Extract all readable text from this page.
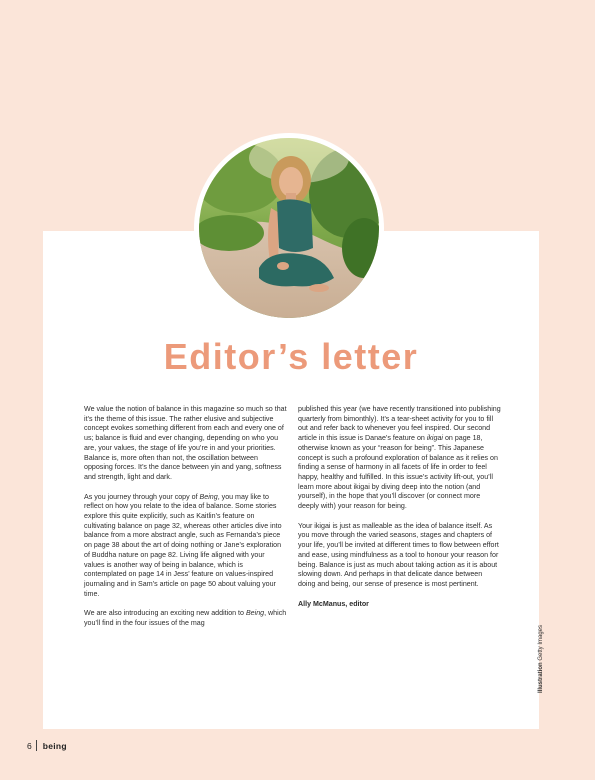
Editor’s letter

We value the notion of balance in this magazine so much so that it’s the theme of this issue. The rather elusive and subjective concept evokes something different from each and every one of us; balance is fluid and ever changing, depending on who you are, your values, the stage of life you’re in and your priorities. Balance is, more often than not, the oscillation between opposing forces. It’s the dance between yin and yang, softness and strength, light and dark.

As you journey through your copy of Being, you may like to reflect on how you relate to the idea of balance. Some stories explore this quite explicitly, such as Kaitlin’s feature on cultivating balance on page 32, whereas other articles dive into balance from a more abstract angle, such as Fernanda’s piece on page 38 about the art of doing nothing or Jane’s exploration of Buddha nature on page 82. Living life aligned with your values is another way of being in balance, which is contemplated on page 14 in Jess’ feature on values-inspired journaling and in Sam’s article on page 50 about valuing your time.

We are also introducing an exciting new addition to Being, which you’ll find in the four issues of the mag

published this year (we have recently transitioned into publishing quarterly from bimonthly). It’s a tear-sheet activity for you to fill out and refer back to whenever you feel inspired. Our second article in this issue is Danae’s feature on ikigai on page 18, otherwise known as your “reason for being”. This Japanese concept is such a profound exploration of balance as it relies on finding a sense of harmony in all facets of life in order to feel happy, healthy and fulfilled. In this issue’s activity lift-out, you’ll learn more about ikigai by diving deep into the notion (and yourself), in the hope that you’ll discover (or connect more deeply with) your reason for being.

Your ikigai is just as malleable as the idea of balance itself. As you move through the varied seasons, stages and chapters of your life, you’ll be invited at different times to flow between effort and ease, using mindfulness as a tool to honour your reason for being. Balance is just as much about taking action as it is about slowing down. And perhaps in that delicate dance between doing and being, our sense of presence is most pertinent.

Ally McManus, editor

Illustration Getty Images
6 being
